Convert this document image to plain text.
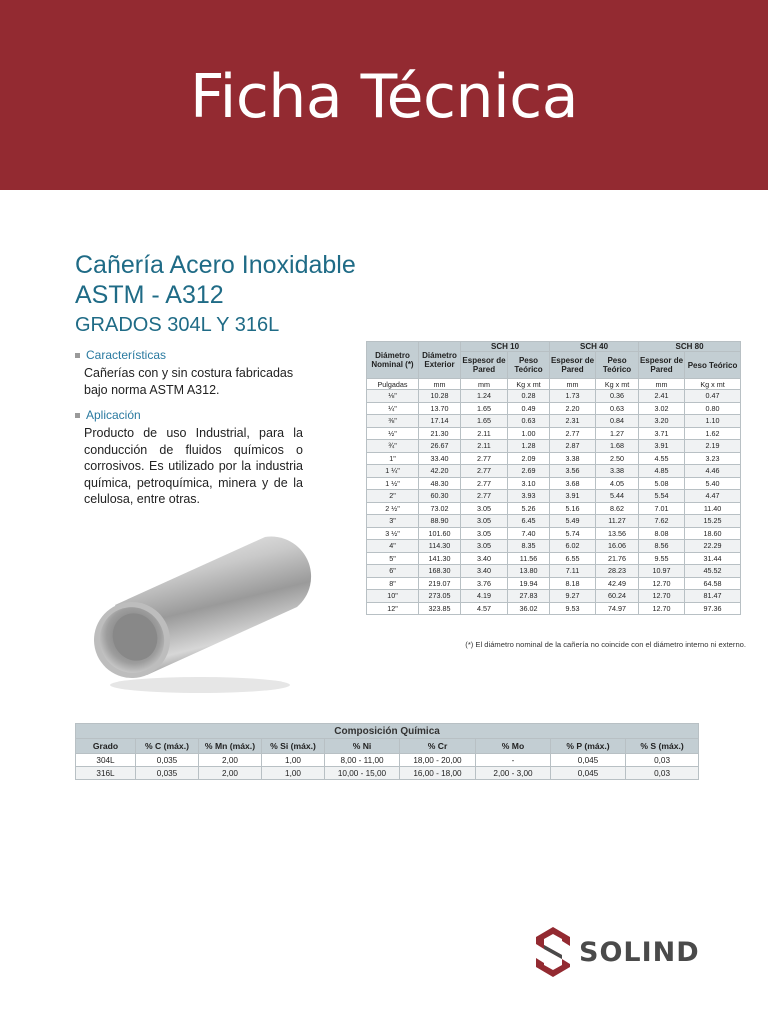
Ficha Técnica
Cañería Acero Inoxidable
ASTM - A312
GRADOS 304L Y 316L
Características

Cañerías con y sin costura fabricadas bajo norma ASTM A312.

Aplicación

Producto de uso Industrial, para la conducción de fluidos químicos o corrosivos. Es utilizado por la industria química, petroquímica, minera y de la celulosa, entre otras.

Diámetro Nominal (*)	Diámetro Exterior	SCH 10		SCH 40		SCH 80	
		Espesor de Pared	Peso Teórico	Espesor de Pared	Peso Teórico	Espesor de Pared	Peso Teórico
Pulgadas	mm	mm	Kg x mt	mm	Kg x mt	mm	Kg x mt
⅛"	10.28	1.24	0.28	1.73	0.36	2.41	0.47
¼"	13.70	1.65	0.49	2.20	0.63	3.02	0.80
⅜"	17.14	1.65	0.63	2.31	0.84	3.20	1.10
½"	21.30	2.11	1.00	2.77	1.27	3.71	1.62
¾"	26.67	2.11	1.28	2.87	1.68	3.91	2.19
1"	33.40	2.77	2.09	3.38	2.50	4.55	3.23
1 ¼"	42.20	2.77	2.69	3.56	3.38	4.85	4.46
1 ½"	48.30	2.77	3.10	3.68	4.05	5.08	5.40
2"	60.30	2.77	3.93	3.91	5.44	5.54	4.47
2 ½"	73.02	3.05	5.26	5.16	8.62	7.01	11.40
3"	88.90	3.05	6.45	5.49	11.27	7.62	15.25
3 ½"	101.60	3.05	7.40	5.74	13.56	8.08	18.60
4"	114.30	3.05	8.35	6.02	16.06	8.56	22.29
5"	141.30	3.40	11.56	6.55	21.76	9.55	31.44
6"	168.30	3.40	13.80	7.11	28.23	10.97	45.52
8"	219.07	3.76	19.94	8.18	42.49	12.70	64.58
10"	273.05	4.19	27.83	9.27	60.24	12.70	81.47
12"	323.85	4.57	36.02	9.53	74.97	12.70	97.36

(*) El diámetro nominal de la cañería no coincide con el diámetro interno ni externo.

Composición Química								
Grado	% C (máx.)	% Mn (máx.)	% Si (máx.)	% Ni	% Cr	% Mo	% P (máx.)	% S (máx.)
304L	0,035	2,00	1,00	8,00 - 11,00	18,00 - 20,00	-	0,045	0,03
316L	0,035	2,00	1,00	10,00 - 15,00	16,00 - 18,00	2,00 - 3,00	0,045	0,03
SOLIND
